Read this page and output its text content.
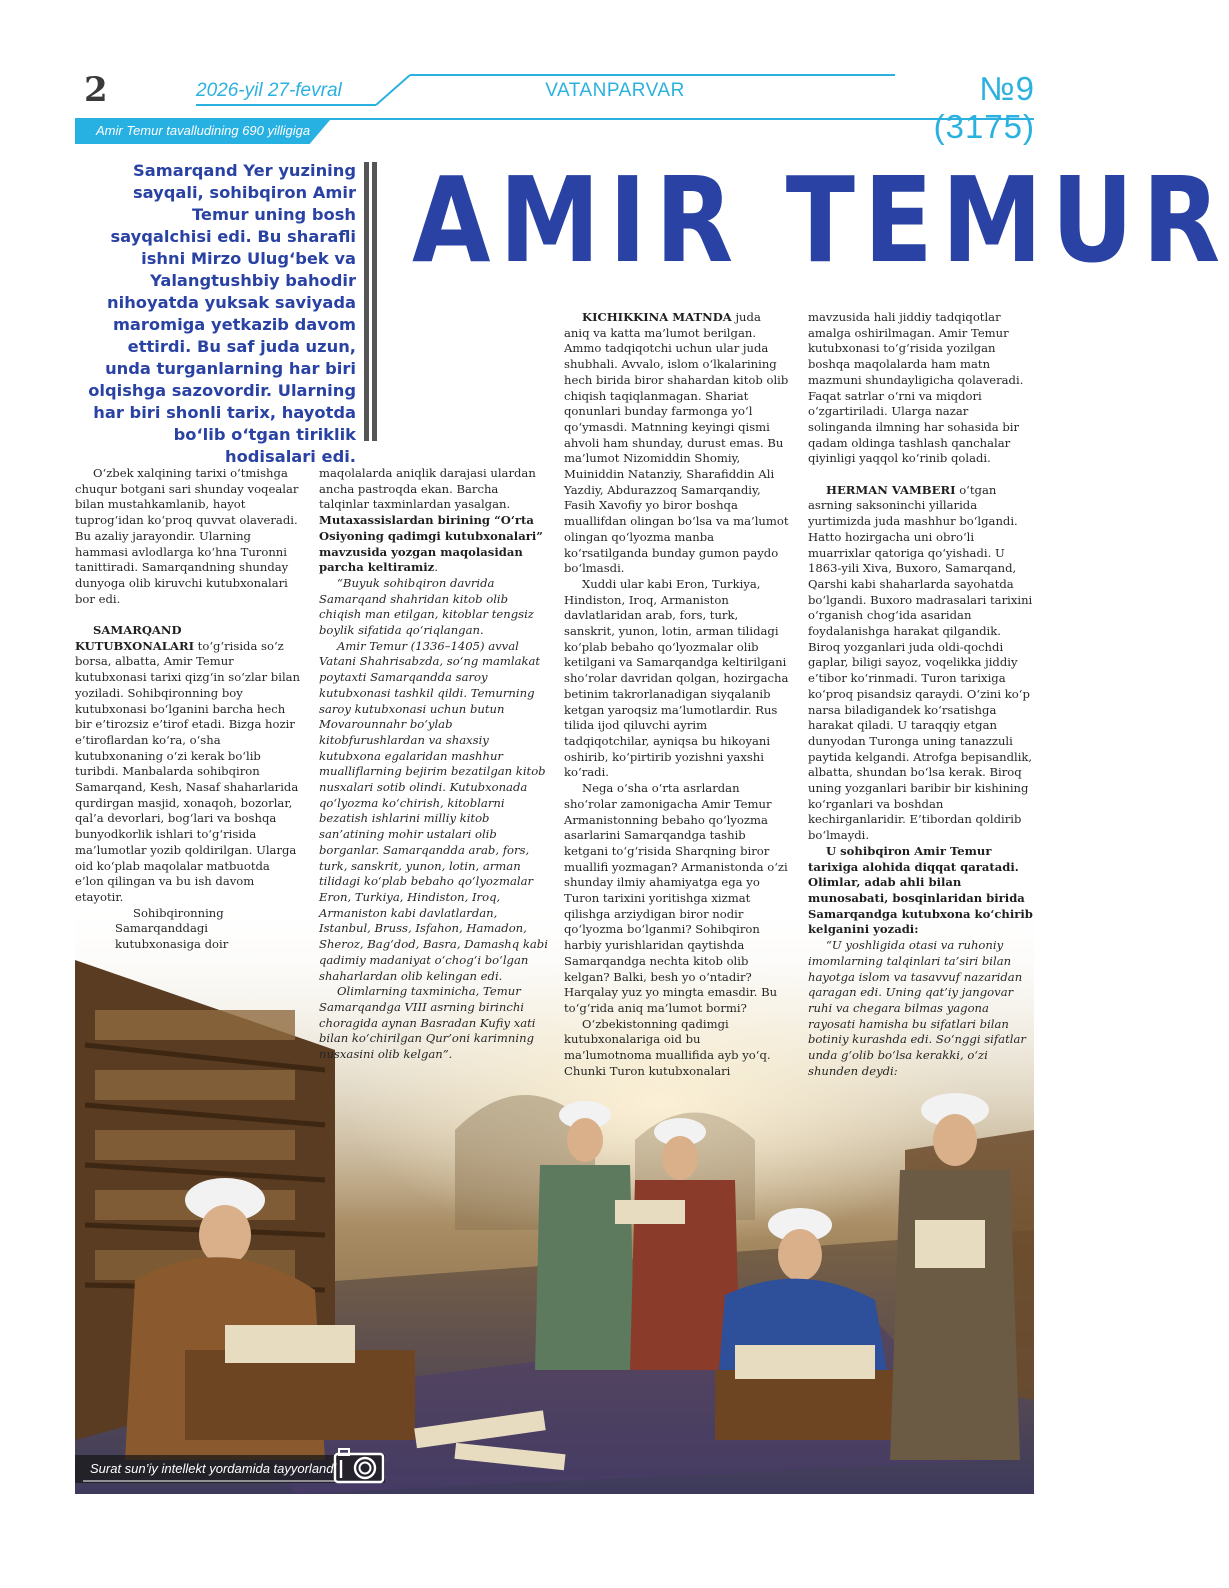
2	2026-yil 27-fevral	VATANPARVAR	№9 (3175)
Amir Temur tavalludining 690 yilligiga
AMIR TEMUR
Samarqand Yer yuzining sayqali, sohibqiron Amir Temur uning bosh sayqalchisi edi. Bu sharafli ishni Mirzo Ulug‘bek va Yalangtushbiy bahodir nihoyatda yuksak saviyada maromiga yetkazib davom ettirdi. Bu saf juda uzun, unda turganlarning har biri olqishga sazovordir. Ularning har biri shonli tarix, hayotda bo‘lib o‘tgan tiriklik hodisalari edi.
Surat sun’iy intellekt yordamida tayyorlandi

O‘zbek xalqining tarixi o‘tmishga chuqur botgani sari shunday voqealar bilan mustahkamlanib, hayot tuprog‘idan ko‘proq quvvat olaveradi. Bu azaliy jarayondir. Ularning hammasi avlodlarga ko‘hna Turonni tanittiradi. Samarqandning shunday dunyoga olib kiruvchi kutubxonalari bor edi.

SAMARQAND KUTUBXONALARI to‘g‘risida so‘z borsa, albatta, Amir Temur kutubxonasi tarixi qizg‘in so‘zlar bilan yoziladi. Sohibqironning boy kutubxonasi bo‘lganini barcha hech bir e’tirozsiz e’tirof etadi. Bizga hozir e’tiroflardan ko‘ra, o‘sha kutubxonaning o‘zi kerak bo‘lib turibdi. Manbalarda sohibqiron Samarqand, Kesh, Nasaf shaharlarida qurdirgan masjid, xonaqoh, bozorlar, qal’a devorlari, bog‘lari va boshqa bunyodkorlik ishlari to‘g‘risida ma’lumotlar yozib qoldirilgan. Ularga oid ko‘plab maqolalar matbuotda e’lon qilingan va bu ish davom etayotir.

Sohibqironning Samarqanddagi kutubxonasiga doir

maqolalarda aniqlik darajasi ulardan ancha pastroqda ekan. Barcha talqinlar taxminlardan yasalgan.

Mutaxassislardan birining “O‘rta Osiyoning qadimgi kutubxonalari” mavzusida yozgan maqolasidan parcha keltiramiz.

“Buyuk sohibqiron davrida Samarqand shahridan kitob olib chiqish man etilgan, kitoblar tengsiz boylik sifatida qo‘riqlangan.

Amir Temur (1336–1405) avval Vatani Shahrisabzda, so‘ng mamlakat poytaxti Samarqandda saroy kutubxonasi tashkil qildi. Temurning saroy kutubxonasi uchun butun Movarounnahr bo‘ylab kitobfurushlardan va shaxsiy kutubxona egalaridan mashhur mualliflarning bejirim bezatilgan kitob nusxalari sotib olindi. Kutubxonada qo‘lyozma ko‘chirish, kitoblarni bezatish ishlarini milliy kitob san’atining mohir ustalari olib borganlar. Samarqandda arab, fors, turk, sanskrit, yunon, lotin, arman tilidagi ko‘plab bebaho qo‘lyozmalar Eron, Turkiya, Hindiston, Iroq, Armaniston kabi davlatlardan, Istanbul, Bruss, Isfahon, Hamadon, Sheroz, Bag‘dod, Basra, Damashq kabi qadimiy madaniyat o‘chog‘i bo‘lgan shaharlardan olib kelingan edi.

Olimlarning taxminicha, Temur Samarqandga VIII asrning birinchi choragida aynan Basradan Kufiy xati bilan ko‘chirilgan Qur’oni karimning nusxasini olib kelgan”.

KICHIKKINA MATNDA juda aniq va katta ma’lumot berilgan. Ammo tadqiqotchi uchun ular juda shubhali. Avvalo, islom o‘lkalarining hech birida biror shahardan kitob olib chiqish taqiqlanmagan. Shariat qonunlari bunday farmonga yo‘l qo‘ymasdi. Matnning keyingi qismi ahvoli ham shunday, durust emas. Bu ma’lumot Nizomiddin Shomiy, Muiniddin Natanziy, Sharafiddin Ali Yazdiy, Abdurazzoq Samarqandiy, Fasih Xavofiy yo biror boshqa muallifdan olingan bo‘lsa va ma’lumot olingan qo‘lyozma manba ko‘rsatilganda bunday gumon paydo bo‘lmasdi.

Xuddi ular kabi Eron, Turkiya, Hindiston, Iroq, Armaniston davlatlaridan arab, fors, turk, sanskrit, yunon, lotin, arman tilidagi ko‘plab bebaho qo‘lyozmalar olib ketilgani va Samarqandga keltirilgani sho‘rolar davridan qolgan, hozirgacha betinim takrorlanadigan siyqalanib ketgan yaroqsiz ma’lumotlardir. Rus tilida ijod qiluvchi ayrim tadqiqotchilar, ayniqsa bu hikoyani oshirib, ko‘pirtirib yozishni yaxshi ko‘radi.

Nega o‘sha o‘rta asrlardan sho‘rolar zamonigacha Amir Temur Armanistonning bebaho qo‘lyozma asarlarini Samarqandga tashib ketgani to‘g‘risida Sharqning biror muallifi yozmagan? Armanistonda o‘zi shunday ilmiy ahamiyatga ega yo Turon tarixini yoritishga xizmat qilishga arziydigan biror nodir qo‘lyozma bo‘lganmi? Sohibqiron harbiy yurishlaridan qaytishda Samarqandga nechta kitob olib kelgan? Balki, besh yo o‘ntadir? Harqalay yuz yo mingta emasdir. Bu to‘g‘rida aniq ma’lumot bormi?

O‘zbekistonning qadimgi kutubxonalariga oid bu ma’lumotnoma muallifida ayb yo‘q. Chunki Turon kutubxonalari

mavzusida hali jiddiy tadqiqotlar amalga oshirilmagan. Amir Temur kutubxonasi to‘g‘risida yozilgan boshqa maqolalarda ham matn mazmuni shundayligicha qolaveradi. Faqat satrlar o‘rni va miqdori o‘zgartiriladi. Ularga nazar solinganda ilmning har sohasida bir qadam oldinga tashlash qanchalar qiyinligi yaqqol ko‘rinib qoladi.

HERMAN VAMBERI o‘tgan asrning saksoninchi yillarida yurtimizda juda mashhur bo‘lgandi. Hatto hozirgacha uni obro‘li muarrixlar qatoriga qo‘yishadi. U 1863-yili Xiva, Buxoro, Samarqand, Qarshi kabi shaharlarda sayohatda bo‘lgandi. Buxoro madrasalari tarixini o‘rganish chog‘ida asaridan foydalanishga harakat qilgandik. Biroq yozganlari juda oldi-qochdi gaplar, biligi sayoz, voqelikka jiddiy e’tibor ko‘rinmadi. Turon tarixiga ko‘proq pisandsiz qaraydi. O‘zini ko‘p narsa biladigandek ko‘rsatishga harakat qiladi. U taraqqiy etgan dunyodan Turonga uning tanazzuli paytida kelgandi. Atrofga bepisandlik, albatta, shundan bo‘lsa kerak. Biroq uning yozganlari baribir bir kishining ko‘rganlari va boshdan kechirganlaridir. E’tibordan qoldirib bo‘lmaydi.

U sohibqiron Amir Temur tarixiga alohida diqqat qaratadi. Olimlar, adab ahli bilan munosabati, bosqinlaridan birida Samarqandga kutubxona ko‘chirib kelganini yozadi:

“U yoshligida otasi va ruhoniy imomlarning talqinlari ta’siri bilan hayotga islom va tasavvuf nazaridan qaragan edi. Uning qat’iy jangovar ruhi va chegara bilmas yagona rayosati hamisha bu sifatlari bilan botiniy kurashda edi. So‘nggi sifatlar unda g‘olib bo‘lsa kerakki, o‘zi shunden deydi:
